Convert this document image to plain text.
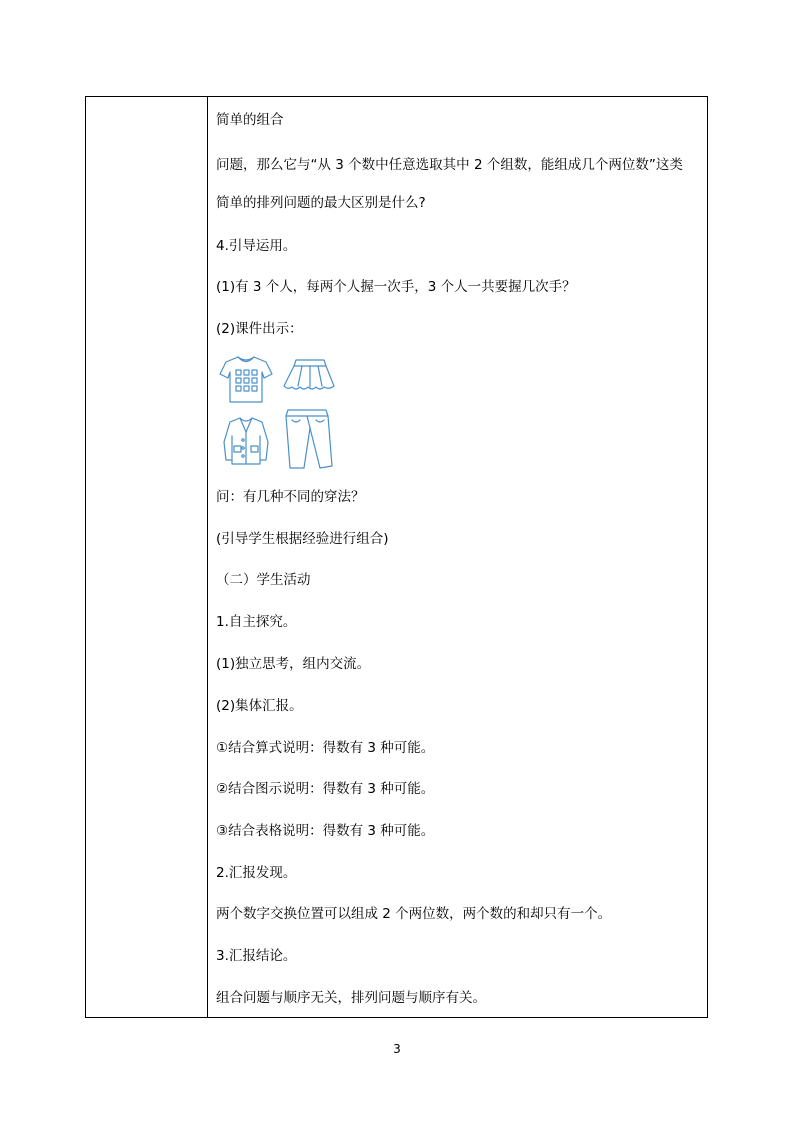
简单的组合
问题，那么它与“从 3 个数中任意选取其中 2 个组数，能组成几个两位数”这类
简单的排列问题的最大区别是什么?
4.引导运用。
(1)有 3 个人，每两个人握一次手，3 个人一共要握几次手？
(2)课件出示：
问：有几种不同的穿法？
(引导学生根据经验进行组合)
（二）学生活动
1.自主探究。
(1)独立思考，组内交流。
(2)集体汇报。
①结合算式说明：得数有 3 种可能。
②结合图示说明：得数有 3 种可能。
③结合表格说明：得数有 3 种可能。
2.汇报发现。
两个数字交换位置可以组成 2 个两位数，两个数的和却只有一个。
3.汇报结论。
组合问题与顺序无关，排列问题与顺序有关。
3
